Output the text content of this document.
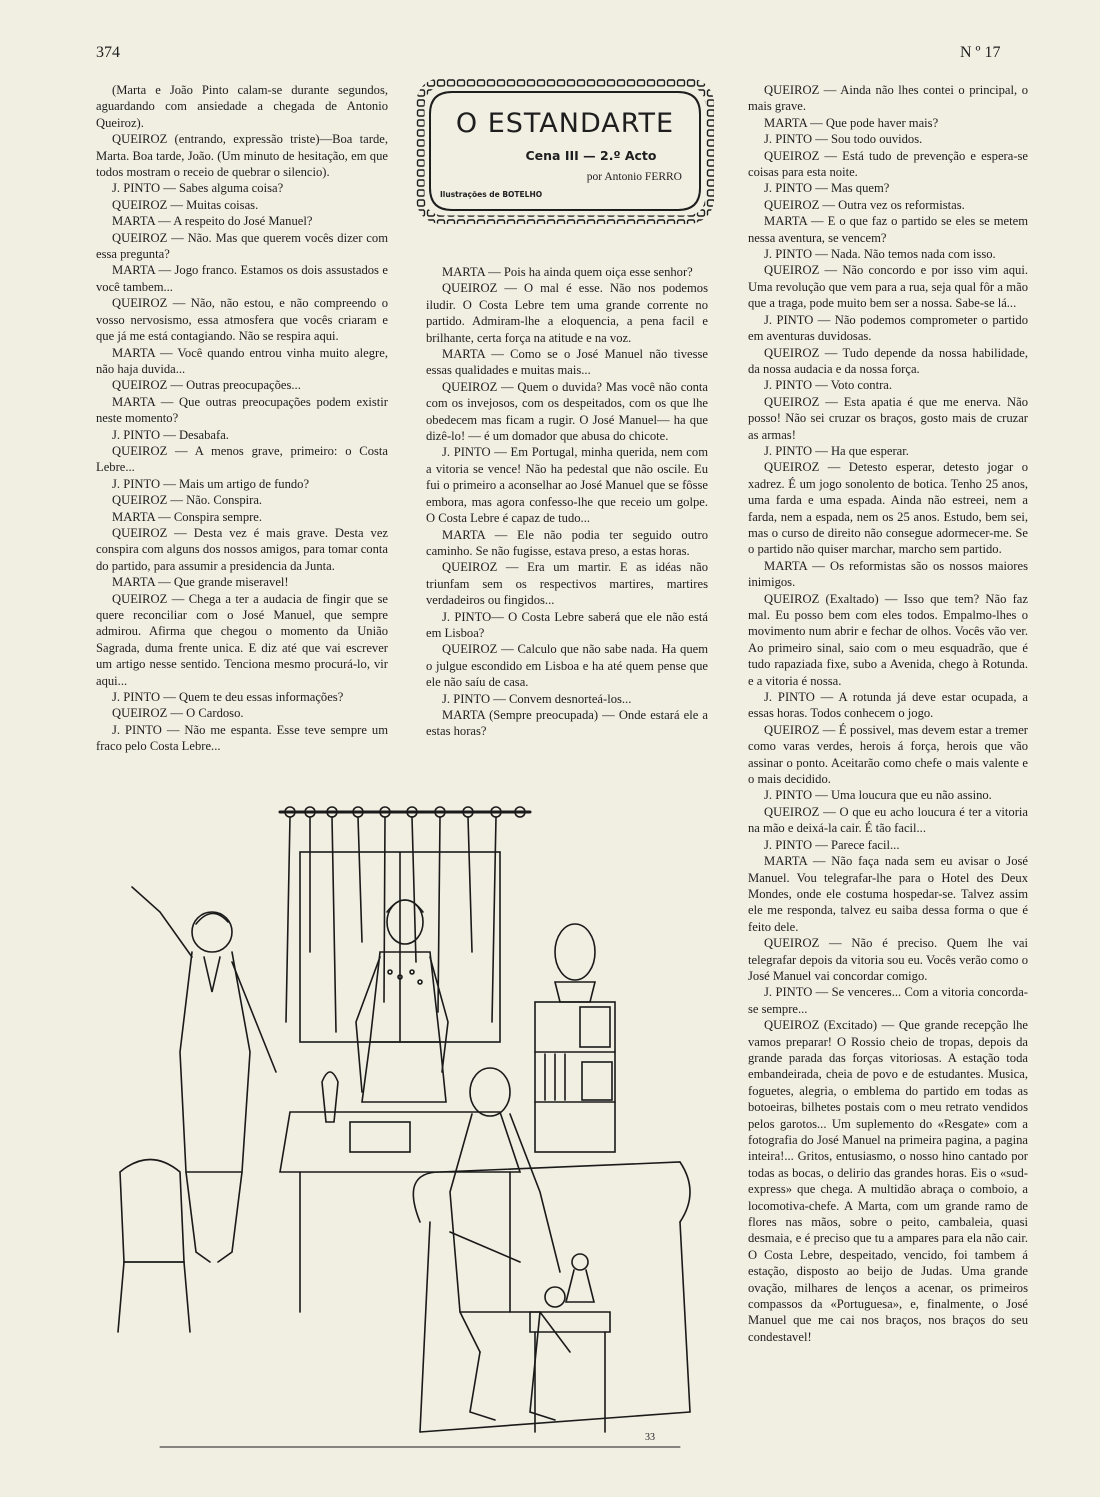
374	N º 17

(Marta e João Pinto calam-se durante segundos, aguardando com ansiedade a chegada de Antonio Queiroz).

QUEIROZ (entrando, expressão triste)—Boa tarde, Marta. Boa tarde, João. (Um minuto de hesitação, em que todos mostram o receio de quebrar o silencio).

J. PINTO — Sabes alguma coisa?

QUEIROZ — Muitas coisas.

MARTA — A respeito do José Manuel?

QUEIROZ — Não. Mas que querem vocês dizer com essa pregunta?

MARTA — Jogo franco. Estamos os dois assustados e você tambem...

QUEIROZ — Não, não estou, e não compreendo o vosso nervosismo, essa atmosfera que vocês criaram e que já me está contagiando. Não se respira aqui.

MARTA — Você quando entrou vinha muito alegre, não haja duvida...

QUEIROZ — Outras preocupações...

MARTA — Que outras preocupações podem existir neste momento?

J. PINTO — Desabafa.

QUEIROZ — A menos grave, primeiro: o Costa Lebre...

J. PINTO — Mais um artigo de fundo?

QUEIROZ — Não. Conspira.

MARTA — Conspira sempre.

QUEIROZ — Desta vez é mais grave. Desta vez conspira com alguns dos nossos amigos, para tomar conta do partido, para assumir a presidencia da Junta.

MARTA — Que grande miseravel!

QUEIROZ — Chega a ter a audacia de fingir que se quere reconciliar com o José Manuel, que sempre admirou. Afirma que chegou o momento da União Sagrada, duma frente unica. E diz até que vai escrever um artigo nesse sentido. Tenciona mesmo procurá-lo, vir aqui...

J. PINTO — Quem te deu essas informações?

QUEIROZ — O Cardoso.

J. PINTO — Não me espanta. Esse teve sempre um fraco pelo Costa Lebre...

O ESTANDARTE
Cena III — 2.º Acto
por Antonio FERRO
Ilustrações de BOTELHO

MARTA — Pois ha ainda quem oiça esse senhor?

QUEIROZ — O mal é esse. Não nos podemos iludir. O Costa Lebre tem uma grande corrente no partido. Admiram-lhe a eloquencia, a pena facil e brilhante, certa força na atitude e na voz.

MARTA — Como se o José Manuel não tivesse essas qualidades e muitas mais...

QUEIROZ — Quem o duvida? Mas você não conta com os invejosos, com os despeitados, com os que lhe obedecem mas ficam a rugir. O José Manuel— ha que dizê-lo! — é um domador que abusa do chicote.

J. PINTO — Em Portugal, minha querida, nem com a vitoria se vence! Não ha pedestal que não oscile. Eu fui o primeiro a aconselhar ao José Manuel que se fôsse embora, mas agora confesso-lhe que receio um golpe. O Costa Lebre é capaz de tudo...

MARTA — Ele não podia ter seguido outro caminho. Se não fugisse, estava preso, a estas horas.

QUEIROZ — Era um martir. E as idéas não triunfam sem os respectivos martires, martires verdadeiros ou fingidos...

J. PINTO— O Costa Lebre saberá que ele não está em Lisboa?

QUEIROZ — Calculo que não sabe nada. Ha quem o julgue escondido em Lisboa e ha até quem pense que ele não saíu de casa.

J. PINTO — Convem desnorteá-los...

MARTA (Sempre preocupada) — Onde estará ele a estas horas?

QUEIROZ — Ainda não lhes contei o principal, o mais grave.

MARTA — Que pode haver mais?

J. PINTO — Sou todo ouvidos.

QUEIROZ — Está tudo de prevenção e espera-se coisas para esta noite.

J. PINTO — Mas quem?

QUEIROZ — Outra vez os reformistas.

MARTA — E o que faz o partido se eles se metem nessa aventura, se vencem?

J. PINTO — Nada. Não temos nada com isso.

QUEIROZ — Não concordo e por isso vim aqui. Uma revolução que vem para a rua, seja qual fôr a mão que a traga, pode muito bem ser a nossa. Sabe-se lá...

J. PINTO — Não podemos comprometer o partido em aventuras duvidosas.

QUEIROZ — Tudo depende da nossa habilidade, da nossa audacia e da nossa força.

J. PINTO — Voto contra.

QUEIROZ — Esta apatia é que me enerva. Não posso! Não sei cruzar os braços, gosto mais de cruzar as armas!

J. PINTO — Ha que esperar.

QUEIROZ — Detesto esperar, detesto jogar o xadrez. É um jogo sonolento de botica. Tenho 25 anos, uma farda e uma espada. Ainda não estreei, nem a farda, nem a espada, nem os 25 anos. Estudo, bem sei, mas o curso de direito não consegue adormecer-me. Se o partido não quiser marchar, marcho sem partido.

MARTA — Os reformistas são os nossos maiores inimigos.

QUEIROZ (Exaltado) — Isso que tem? Não faz mal. Eu posso bem com eles todos. Empalmo-lhes o movimento num abrir e fechar de olhos. Vocês vão ver. Ao primeiro sinal, saio com o meu esquadrão, que é tudo rapaziada fixe, subo a Avenida, chego à Rotunda. e a vitoria é nossa.

J. PINTO — A rotunda já deve estar ocupada, a essas horas. Todos conhecem o jogo.

QUEIROZ — É possivel, mas devem estar a tremer como varas verdes, herois á força, herois que vão assinar o ponto. Aceitarão como chefe o mais valente e o mais decidido.

J. PINTO — Uma loucura que eu não assino.

QUEIROZ — O que eu acho loucura é ter a vitoria na mão e deixá-la cair. É tão facil...

J. PINTO — Parece facil...

MARTA — Não faça nada sem eu avisar o José Manuel. Vou telegrafar-lhe para o Hotel des Deux Mondes, onde ele costuma hospedar-se. Talvez assim ele me responda, talvez eu saiba dessa forma o que é feito dele.

QUEIROZ — Não é preciso. Quem lhe vai telegrafar depois da vitoria sou eu. Vocês verão como o José Manuel vai concordar comigo.

J. PINTO — Se venceres... Com a vitoria concorda-se sempre...

QUEIROZ (Excitado) — Que grande recepção lhe vamos preparar! O Rossio cheio de tropas, depois da grande parada das forças vitoriosas. A estação toda embandeirada, cheia de povo e de estudantes. Musica, foguetes, alegria, o emblema do partido em todas as botoeiras, bilhetes postais com o meu retrato vendidos pelos garotos... Um suplemento do «Resgate» com a fotografia do José Manuel na primeira pagina, a pagina inteira!... Gritos, entusiasmo, o nosso hino cantado por todas as bocas, o delirio das grandes horas. Eis o «sud-express» que chega. A multidão abraça o comboio, a locomotiva-chefe. A Marta, com um grande ramo de flores nas mãos, sobre o peito, cambaleia, quasi desmaia, e é preciso que tu a ampares para ela não cair. O Costa Lebre, despeitado, vencido, foi tambem á estação, disposto ao beijo de Judas. Uma grande ovação, milhares de lenços a acenar, os primeiros compassos da «Portuguesa», e, finalmente, o José Manuel que me cai nos braços, nos braços do seu condestavel!

33
